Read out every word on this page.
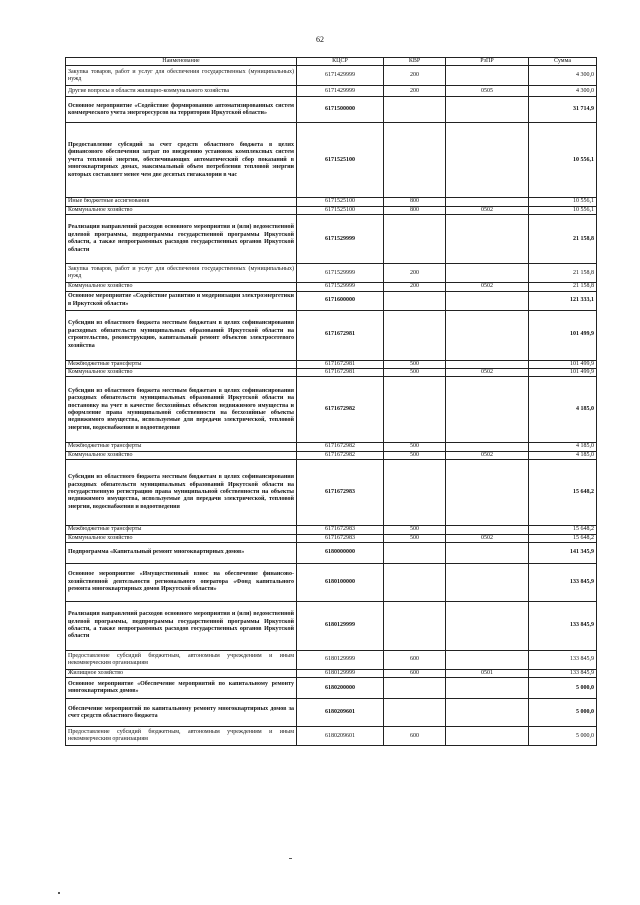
62
Наименование	КЦСР	КВР	РзПР	Сумма
Закупка товаров, работ и услуг для обеспечения государственных (муниципальных) нужд	6171429999	200		4 300,0
Другие вопросы в области жилищно-коммунального хозяйства	6171429999	200	0505	4 300,0
Основное мероприятие «Содействие формированию автоматизированных систем коммерческого учета энергоресурсов на территории Иркутской области»	6171500000			31 714,9
Предоставление субсидий за счет средств областного бюджета в целях финансового обеспечения затрат по внедрению установок комплексных систем учета тепловой энергии, обеспечивающих автоматический сбор показаний в многоквартирных домах, максимальный объем потребления тепловой энергии которых составляет менее чем две десятых гигакалории в час	6171525100			10 556,1
Иные бюджетные ассигнования	6171525100	800		10 556,1
Коммунальное хозяйство	6171525100	800	0502	10 556,1
Реализация направлений расходов основного мероприятия и (или) ведомственной целевой программы, подпрограммы государственной программы Иркутской области, а также непрограммных расходов государственных органов Иркутской области	6171529999			21 158,8
Закупка товаров, работ и услуг для обеспечения государственных (муниципальных) нужд	6171529999	200		21 158,8
Коммунальное хозяйство	6171529999	200	0502	21 158,8
Основное мероприятие «Содействие развитию и модернизации электроэнергетики в Иркутской области»	6171600000			121 333,1
Субсидии из областного бюджета местным бюджетам в целях софинансирования расходных обязательств муниципальных образований Иркутской области на строительство, реконструкцию, капитальный ремонт объектов электросетевого хозяйства	6171672981			101 499,9
Межбюджетные трансферты	6171672981	500		101 499,9
Коммунальное хозяйство	6171672981	500	0502	101 499,9
Субсидии из областного бюджета местным бюджетам в целях софинансирования расходных обязательств муниципальных образований Иркутской области на постановку на учет в качестве бесхозяйных объектов недвижимого имущества и оформление права муниципальной собственности на бесхозяйные объекты недвижимого имущества, используемые для передачи электрической, тепловой энергии, водоснабжения и водоотведения	6171672982			4 185,0
Межбюджетные трансферты	6171672982	500		4 185,0
Коммунальное хозяйство	6171672982	500	0502	4 185,0
Субсидии из областного бюджета местным бюджетам в целях софинансирования расходных обязательств муниципальных образований Иркутской области на государственную регистрацию права муниципальной собственности на объекты недвижимого имущества, используемые для передачи электрической, тепловой энергии, водоснабжения и водоотведения	6171672983			15 648,2
Межбюджетные трансферты	6171672983	500		15 648,2
Коммунальное хозяйство	6171672983	500	0502	15 648,2
Подпрограмма «Капитальный ремонт многоквартирных домов»	6180000000			141 345,9
Основное мероприятие «Имущественный взнос на обеспечение финансово-хозяйственной деятельности регионального оператора «Фонд капитального ремонта многоквартирных домов Иркутской области»	6180100000			133 845,9
Реализация направлений расходов основного мероприятия и (или) ведомственной целевой программы, подпрограммы государственной программы Иркутской области, а также непрограммных расходов государственных органов Иркутской области	6180129999			133 845,9
Предоставление субсидий бюджетным, автономным учреждениям и иным некоммерческим организациям	6180129999	600		133 845,9
Жилищное хозяйство	6180129999	600	0501	133 845,9
Основное мероприятие «Обеспечение мероприятий по капитальному ремонту многоквартирных домов»	6180200000			5 000,0
Обеспечение мероприятий по капитальному ремонту многоквартирных домов за счет средств областного бюджета	6180209601			5 000,0
Предоставление субсидий бюджетным, автономным учреждениям и иным некоммерческим организациям	6180209601	600		5 000,0
